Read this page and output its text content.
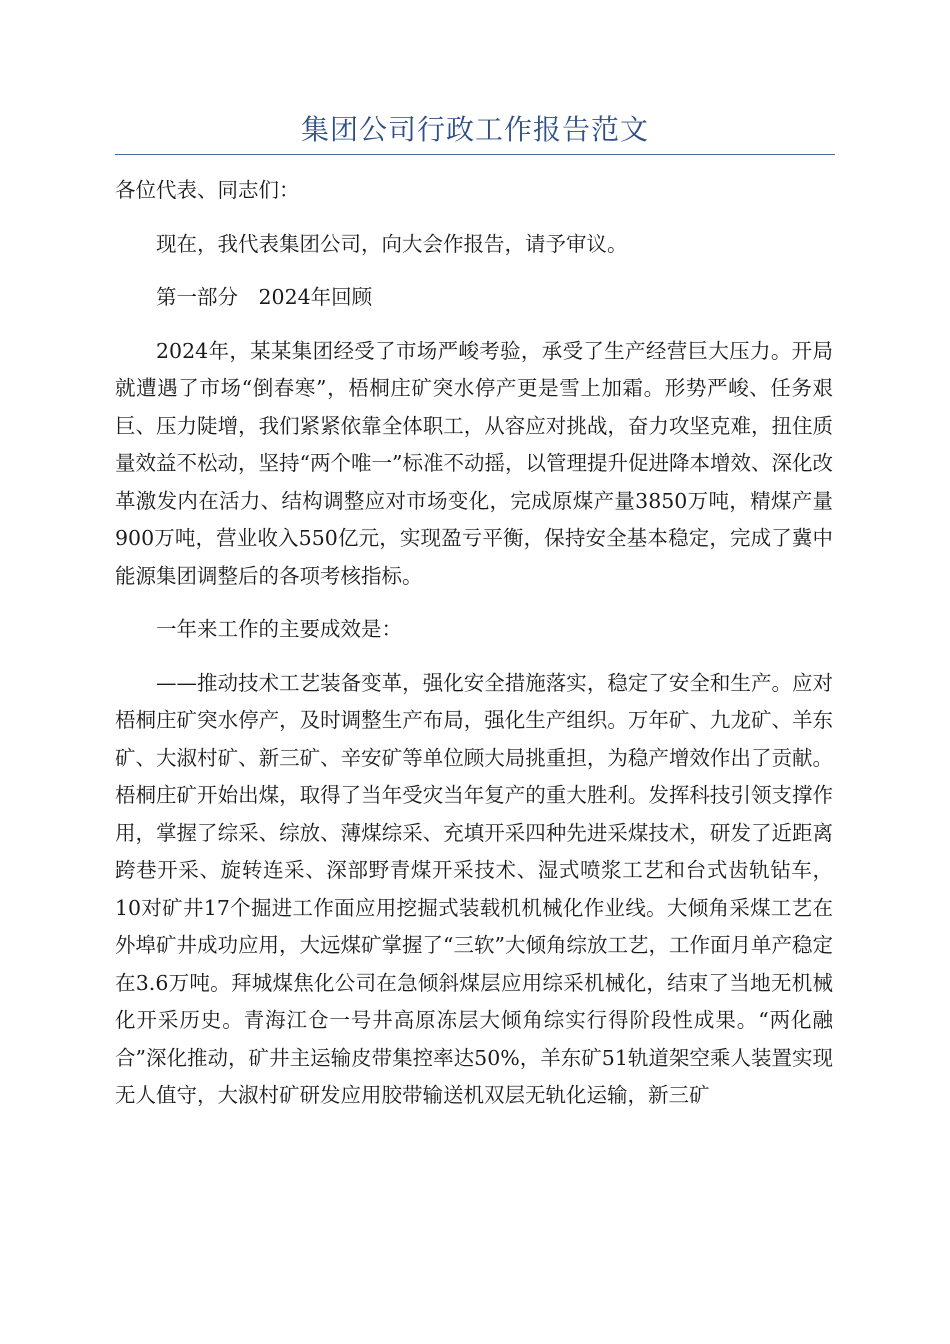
集团公司行政工作报告范文

各位代表、同志们：

现在，我代表集团公司，向大会作报告，请予审议。

第一部分　2024年回顾

2024年，某某集团经受了市场严峻考验，承受了生产经营巨大压力。开局就遭遇了市场“倒春寒”，梧桐庄矿突水停产更是雪上加霜。形势严峻、任务艰巨、压力陡增，我们紧紧依靠全体职工，从容应对挑战，奋力攻坚克难，扭住质量效益不松动，坚持“两个唯一”标准不动摇，以管理提升促进降本增效、深化改革激发内在活力、结构调整应对市场变化，完成原煤产量3850万吨，精煤产量900万吨，营业收入550亿元，实现盈亏平衡，保持安全基本稳定，完成了冀中能源集团调整后的各项考核指标。

一年来工作的主要成效是：

——推动技术工艺装备变革，强化安全措施落实，稳定了安全和生产。应对梧桐庄矿突水停产，及时调整生产布局，强化生产组织。万年矿、九龙矿、羊东矿、大淑村矿、新三矿、辛安矿等单位顾大局挑重担，为稳产增效作出了贡献。梧桐庄矿开始出煤，取得了当年受灾当年复产的重大胜利。发挥科技引领支撑作用，掌握了综采、综放、薄煤综采、充填开采四种先进采煤技术，研发了近距离跨巷开采、旋转连采、深部野青煤开采技术、湿式喷浆工艺和台式齿轨钻车，10对矿井17个掘进工作面应用挖掘式装载机机械化作业线。大倾角采煤工艺在外埠矿井成功应用，大远煤矿掌握了“三软”大倾角综放工艺，工作面月单产稳定在3.6万吨。拜城煤焦化公司在急倾斜煤层应用综采机械化，结束了当地无机械化开采历史。青海江仓一号井高原冻层大倾角综实行得阶段性成果。“两化融合”深化推动，矿井主运输皮带集控率达50%，羊东矿51轨道架空乘人装置实现无人值守，大淑村矿研发应用胶带输送机双层无轨化运输，新三矿
